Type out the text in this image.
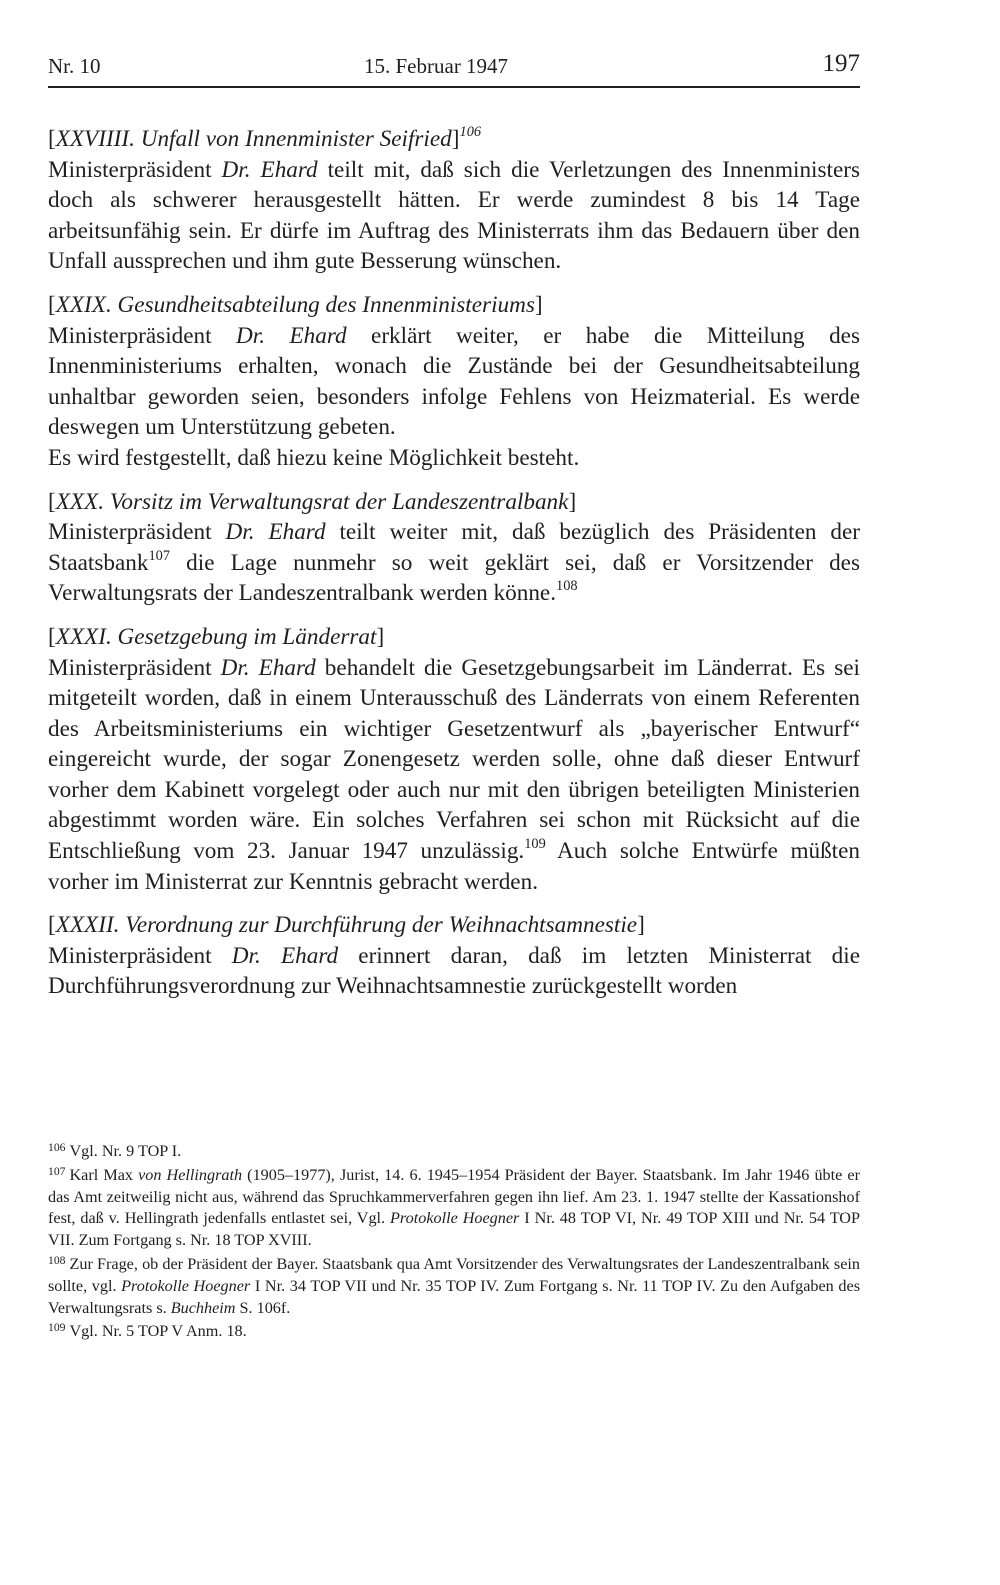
Nr. 10	15. Februar 1947	197

[XXVIIII. Unfall von Innenminister Seifried]$^{106}$

Ministerpräsident Dr. Ehard teilt mit, daß sich die Verletzungen des Innenministers doch als schwerer herausgestellt hätten. Er werde zumindest 8 bis 14 Tage arbeitsunfähig sein. Er dürfe im Auftrag des Ministerrats ihm das Bedauern über den Unfall aussprechen und ihm gute Besserung wünschen.

[XXIX. Gesundheitsabteilung des Innenministeriums]

Ministerpräsident Dr. Ehard erklärt weiter, er habe die Mitteilung des Innenministeriums erhalten, wonach die Zustände bei der Gesundheitsabteilung unhaltbar geworden seien, besonders infolge Fehlens von Heizmaterial. Es werde deswegen um Unterstützung gebeten.

Es wird festgestellt, daß hiezu keine Möglichkeit besteht.

[XXX. Vorsitz im Verwaltungsrat der Landeszentralbank]

Ministerpräsident Dr. Ehard teilt weiter mit, daß bezüglich des Präsidenten der Staatsbank$^{107}$ die Lage nunmehr so weit geklärt sei, daß er Vorsitzender des Verwaltungsrats der Landeszentralbank werden könne.$^{108}$

[XXXI. Gesetzgebung im Länderrat]

Ministerpräsident Dr. Ehard behandelt die Gesetzgebungsarbeit im Länderrat. Es sei mitgeteilt worden, daß in einem Unterausschuß des Länderrats von einem Referenten des Arbeitsministeriums ein wichtiger Gesetzentwurf als „bayerischer Entwurf“ eingereicht wurde, der sogar Zonengesetz werden solle, ohne daß dieser Entwurf vorher dem Kabinett vorgelegt oder auch nur mit den übrigen beteiligten Ministerien abgestimmt worden wäre. Ein solches Verfahren sei schon mit Rücksicht auf die Entschließung vom 23. Januar 1947 unzulässig.$^{109}$ Auch solche Entwürfe müßten vorher im Ministerrat zur Kenntnis gebracht werden.

[XXXII. Verordnung zur Durchführung der Weihnachtsamnestie]

Ministerpräsident Dr. Ehard erinnert daran, daß im letzten Ministerrat die Durchführungsverordnung zur Weihnachtsamnestie zurückgestellt worden

$^{106}$ Vgl. Nr. 9 TOP I.

$^{107}$ Karl Max von Hellingrath (1905–1977), Jurist, 14. 6. 1945–1954 Präsident der Bayer. Staatsbank. Im Jahr 1946 übte er das Amt zeitweilig nicht aus, während das Spruchkammerverfahren gegen ihn lief. Am 23. 1. 1947 stellte der Kassationshof fest, daß v. Hellingrath jedenfalls entlastet sei, Vgl. Protokolle Hoegner I Nr. 48 TOP VI, Nr. 49 TOP XIII und Nr. 54 TOP VII. Zum Fortgang s. Nr. 18 TOP XVIII.

$^{108}$ Zur Frage, ob der Präsident der Bayer. Staatsbank qua Amt Vorsitzender des Verwaltungsrates der Landeszentralbank sein sollte, vgl. Protokolle Hoegner I Nr. 34 TOP VII und Nr. 35 TOP IV. Zum Fortgang s. Nr. 11 TOP IV. Zu den Aufgaben des Verwaltungsrats s. Buchheim S. 106f.

$^{109}$ Vgl. Nr. 5 TOP V Anm. 18.
